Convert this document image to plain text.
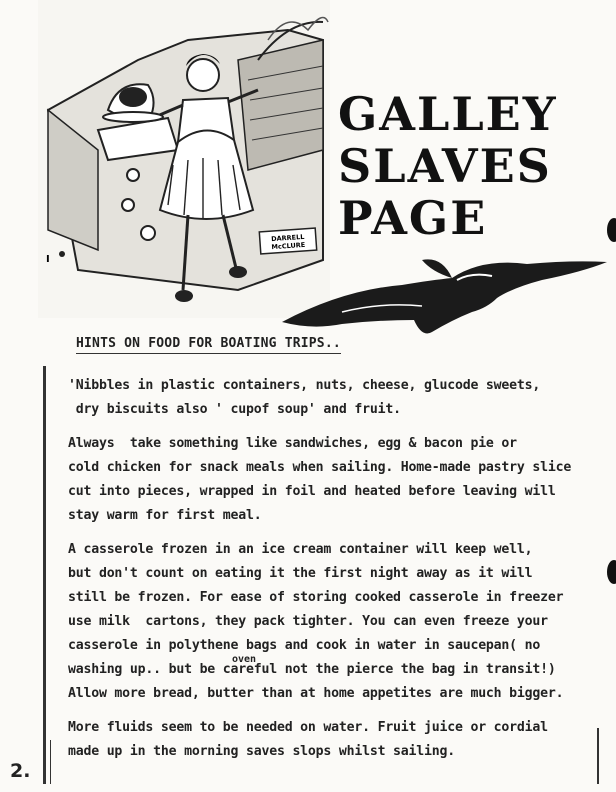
DARRELL
McCLURE
I
GALLEY
SLAVES
PAGE
HINTS ON FOOD FOR BOATING TRIPS..

'Nibbles in plastic containers, nuts, cheese, glucode sweets,
dry biscuits also ' cupof soup' and fruit.

Always  take something like sandwiches, egg & bacon pie or
cold chicken for snack meals when sailing. Home-made pastry slice
cut into pieces, wrapped in foil and heated before leaving will
stay warm for first meal.

A casserole frozen in an ice cream container will keep well,
but don't count on eating it the first night away as it will
still be frozen. For ease of storing cooked casserole in freezer
use milk  cartons, they pack tighter. You can even freeze your
casserole in polythene bags and cook in water in saucepan( no
washing up.. but be careful not the pierce the bag in transit!)
Allow more bread, butter than at home appetites are much bigger.

More fluids seem to be needed on water. Fruit juice or cordial
made up in the morning saves slops whilst sailing.

oven
2.
